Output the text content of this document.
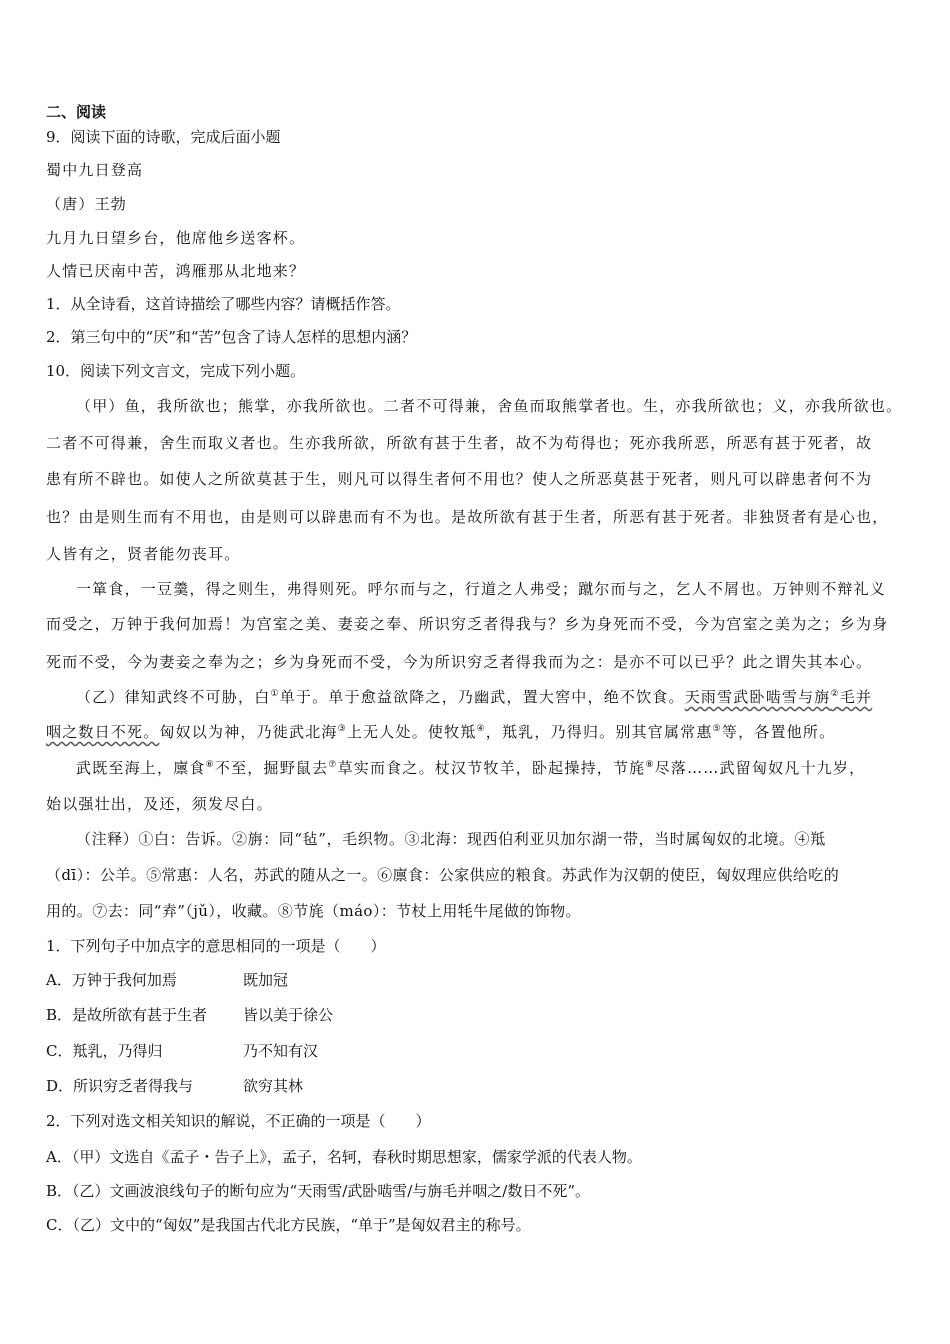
二、阅读
9．阅读下面的诗歌，完成后面小题
蜀中九日登高
（唐）王勃
九月九日望乡台，他席他乡送客杯。
人情已厌南中苦，鸿雁那从北地来？
1．从全诗看，这首诗描绘了哪些内容？请概括作答。
2．第三句中的“厌”和“苦”包含了诗人怎样的思想内涵？
10．阅读下列文言文，完成下列小题。
（甲）鱼，我所欲也；熊掌，亦我所欲也。二者不可得兼，舍鱼而取熊掌者也。生，亦我所欲也；义，亦我所欲也。
二者不可得兼，舍生而取义者也。生亦我所欲，所欲有甚于生者，故不为苟得也；死亦我所恶，所恶有甚于死者，故
患有所不辟也。如使人之所欲莫甚于生，则凡可以得生者何不用也？使人之所恶莫甚于死者，则凡可以辟患者何不为
也？由是则生而有不用也，由是则可以辟患而有不为也。是故所欲有甚于生者，所恶有甚于死者。非独贤者有是心也，
人皆有之，贤者能勿丧耳。
一箪食，一豆羹，得之则生，弗得则死。呼尔而与之，行道之人弗受；蹴尔而与之，乞人不屑也。万钟则不辩礼义
而受之，万钟于我何加焉！为宫室之美、妻妾之奉、所识穷乏者得我与？乡为身死而不受，今为宫室之美为之；乡为身
死而不受，今为妻妾之奉为之；乡为身死而不受，今为所识穷乏者得我而为之：是亦不可以已乎？此之谓失其本心。
（乙）律知武终不可胁，白①单于。单于愈益欲降之，乃幽武，置大窖中，绝不饮食。天雨雪武卧啮雪与旃②毛并
咽之数日不死。匈奴以为神，乃徙武北海③上无人处。使牧羝④，羝乳，乃得归。别其官属常惠⑤等，各置他所。
武既至海上，廪食⑥不至，掘野鼠去⑦草实而食之。杖汉节牧羊，卧起操持，节旄⑧尽落……武留匈奴凡十九岁，
始以强壮出，及还，须发尽白。
（注释）①白：告诉。②旃：同“毡”，毛织物。③北海：现西伯利亚贝加尔湖一带，当时属匈奴的北境。④羝
（dī）：公羊。⑤常惠：人名，苏武的随从之一。⑥廪食：公家供应的粮食。苏武作为汉朝的使臣，匈奴理应供给吃的
用的。⑦去：同“弆”（jǔ），收藏。⑧节旄（máo）：节杖上用牦牛尾做的饰物。
1．下列句子中加点字的意思相同的一项是（　　）
A．万钟于我何加焉	既加冠
B．是故所欲有甚于生者 皆以美于徐公
C．羝乳，乃得归	乃不知有汉
D．所识穷乏者得我与	欲穷其林
2．下列对选文相关知识的解说，不正确的一项是（　　）
A．（甲）文选自《孟子・告子上》，孟子，名轲，春秋时期思想家，儒家学派的代表人物。
B．（乙）文画波浪线句子的断句应为“天雨雪/武卧啮雪/与旃毛并咽之/数日不死”。
C．（乙）文中的“匈奴”是我国古代北方民族，“单于”是匈奴君主的称号。
